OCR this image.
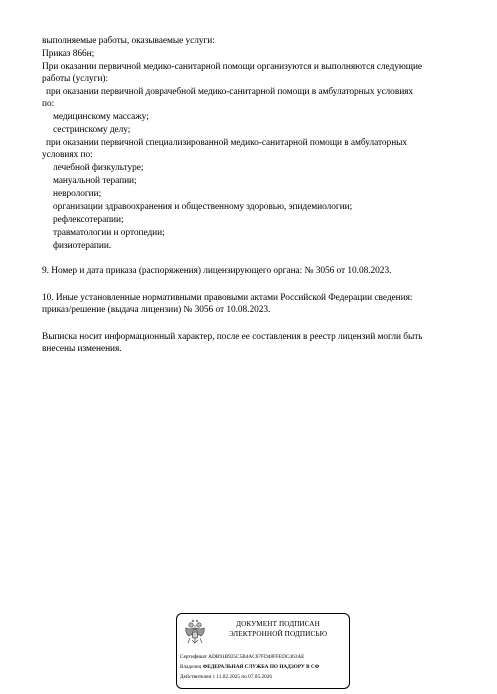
выполняемые работы, оказываемые услуги:
Приказ 866н;
При оказании первичной медико-санитарной помощи организуются и выполняются следующие
работы (услуги):
при оказании первичной доврачебной медико-санитарной помощи в амбулаторных условиях
по:
медицинскому массажу;
сестринскому делу;
при оказании первичной специализированной медико-санитарной помощи в амбулаторных
условиях по:
лечебной физкультуре;
мануальной терапии;
неврологии;
организации здравоохранения и общественному здоровью, эпидемиологии;
рефлексотерапии;
травматологии и ортопедии;
физиотерапии.
9. Номер и дата приказа (распоряжения) лицензирующего органа: № 3056 от 10.08.2023.
10. Иные установленные нормативными правовыми актами Российской Федерации сведения:
приказ/решение (выдача лицензии) № 3056 от 10.08.2023.
Выписка носит информационный характер, после ее составления в реестр лицензий могли быть
внесены изменения.
ДОКУМЕНТ ПОДПИСАН
ЭЛЕКТРОННОЙ ПОДПИСЬЮ
Сертификат ADB91B925C5B4AC67FD48FFEDC463AE
Владелец ФЕДЕРАЛЬНАЯ СЛУЖБА ПО НАДЗОРУ В СФ
Действителен с 11.02.2025 по 07.05.2026
